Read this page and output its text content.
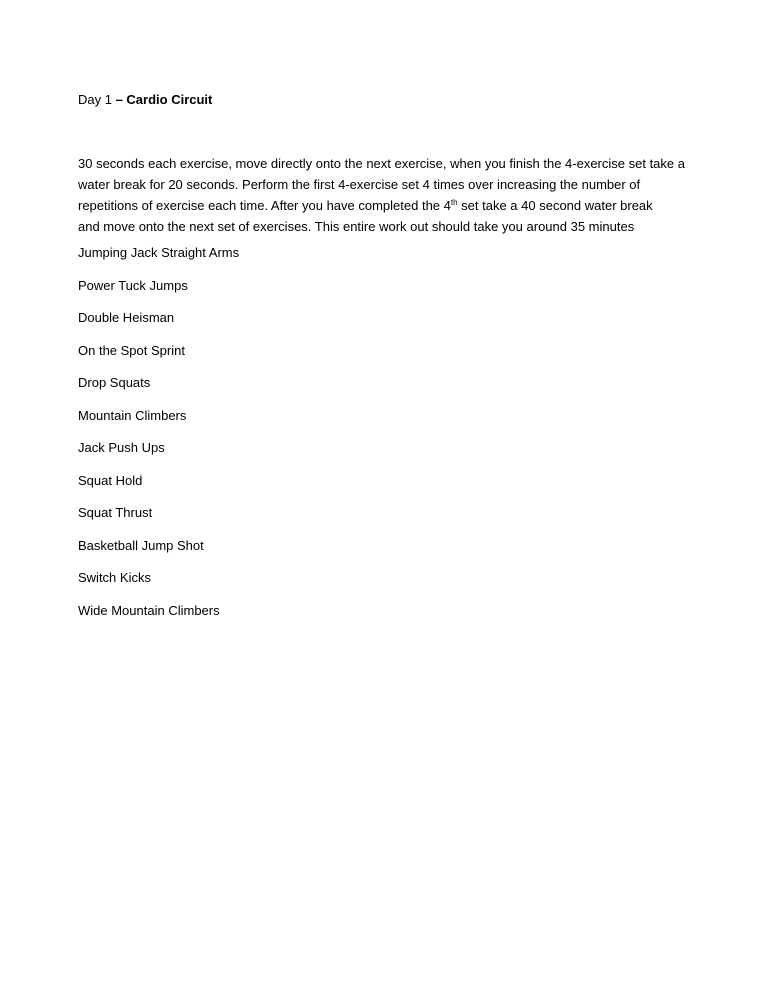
Day 1 – Cardio Circuit

30 seconds each exercise, move directly onto the next exercise, when you finish the 4-exercise set take a

water break for 20 seconds. Perform the first 4-exercise set 4 times over increasing the number of

repetitions of exercise each time. After you have completed the 4th set take a 40 second water break

and move onto the next set of exercises. This entire work out should take you around 35 minutes

Jumping Jack Straight Arms
Power Tuck Jumps
Double Heisman
On the Spot Sprint
Drop Squats
Mountain Climbers
Jack Push Ups
Squat Hold
Squat Thrust
Basketball Jump Shot
Switch Kicks
Wide Mountain Climbers
